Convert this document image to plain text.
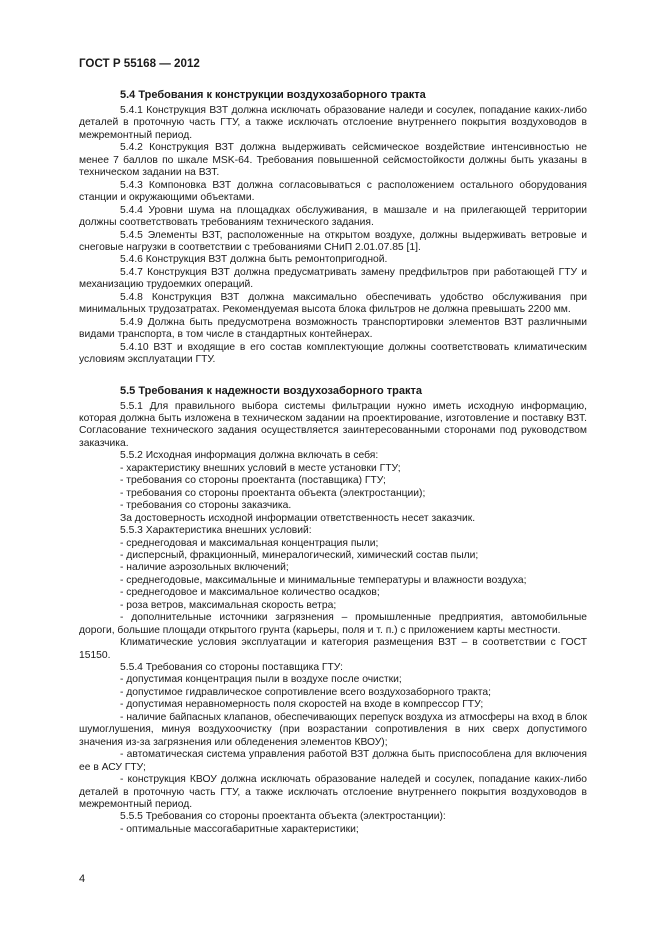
ГОСТ Р 55168 — 2012
5.4 Требования к конструкции воздухозаборного тракта

5.4.1 Конструкция ВЗТ должна исключать образование наледи и сосулек, попадание каких-либо деталей в проточную часть ГТУ, а также исключать отслоение внутреннего покрытия воздуховодов в межремонтный период.

5.4.2 Конструкция ВЗТ должна выдерживать сейсмическое воздействие интенсивностью не менее 7 баллов по шкале MSK-64. Требования повышенной сейсмостойкости должны быть указаны в техническом задании на ВЗТ.

5.4.3 Компоновка ВЗТ должна согласовываться с расположением остального оборудования станции и окружающими объектами.

5.4.4 Уровни шума на площадках обслуживания, в машзале и на прилегающей территории должны соответствовать требованиям технического задания.

5.4.5 Элементы ВЗТ, расположенные на открытом воздухе, должны выдерживать ветровые и снеговые нагрузки в соответствии с требованиями СНиП 2.01.07.85 [1].

5.4.6 Конструкция ВЗТ должна быть ремонтопригодной.

5.4.7 Конструкция ВЗТ должна предусматривать замену предфильтров при работающей ГТУ и механизацию трудоемких операций.

5.4.8 Конструкция ВЗТ должна максимально обеспечивать удобство обслуживания при минимальных трудозатратах. Рекомендуемая высота блока фильтров не должна превышать 2200 мм.

5.4.9 Должна быть предусмотрена возможность транспортировки элементов ВЗТ различными видами транспорта, в том числе в стандартных контейнерах.

5.4.10 ВЗТ и входящие в его состав комплектующие должны соответствовать климатическим условиям эксплуатации ГТУ.

5.5 Требования к надежности воздухозаборного тракта

5.5.1 Для правильного выбора системы фильтрации нужно иметь исходную информацию, которая должна быть изложена в техническом задании на проектирование, изготовление и поставку ВЗТ. Согласование технического задания осуществляется заинтересованными сторонами под руководством заказчика.

5.5.2 Исходная информация должна включать в себя:

- характеристику внешних условий в месте установки ГТУ;

- требования со стороны проектанта (поставщика) ГТУ;

- требования со стороны проектанта объекта (электростанции);

- требования со стороны заказчика.

За достоверность исходной информации ответственность несет заказчик.

5.5.3 Характеристика внешних условий:

- среднегодовая и максимальная концентрация пыли;

- дисперсный, фракционный, минералогический, химический состав пыли;

- наличие аэрозольных включений;

- среднегодовые, максимальные и минимальные температуры и влажности воздуха;

- среднегодовое и максимальное количество осадков;

- роза ветров, максимальная скорость ветра;

- дополнительные источники загрязнения – промышленные предприятия, автомобильные дороги, большие площади открытого грунта (карьеры, поля и т. п.) с приложением карты местности.

Климатические условия эксплуатации и категория размещения ВЗТ – в соответствии с ГОСТ 15150.

5.5.4 Требования со стороны поставщика ГТУ:

- допустимая концентрация пыли в воздухе после очистки;

- допустимое гидравлическое сопротивление всего воздухозаборного тракта;

- допустимая неравномерность поля скоростей на входе в компрессор ГТУ;

- наличие байпасных клапанов, обеспечивающих перепуск воздуха из атмосферы на вход в блок шумоглушения, минуя воздухоочистку (при возрастании сопротивления в них сверх допустимого значения из-за загрязнения или обледенения элементов КВОУ);

- автоматическая система управления работой ВЗТ должна быть приспособлена для включения ее в АСУ ГТУ;

- конструкция КВОУ должна исключать образование наледей и сосулек, попадание каких-либо деталей в проточную часть ГТУ, а также исключать отслоение внутреннего покрытия воздуховодов в межремонтный период.

5.5.5 Требования со стороны проектанта объекта (электростанции):

- оптимальные массогабаритные характеристики;

4
